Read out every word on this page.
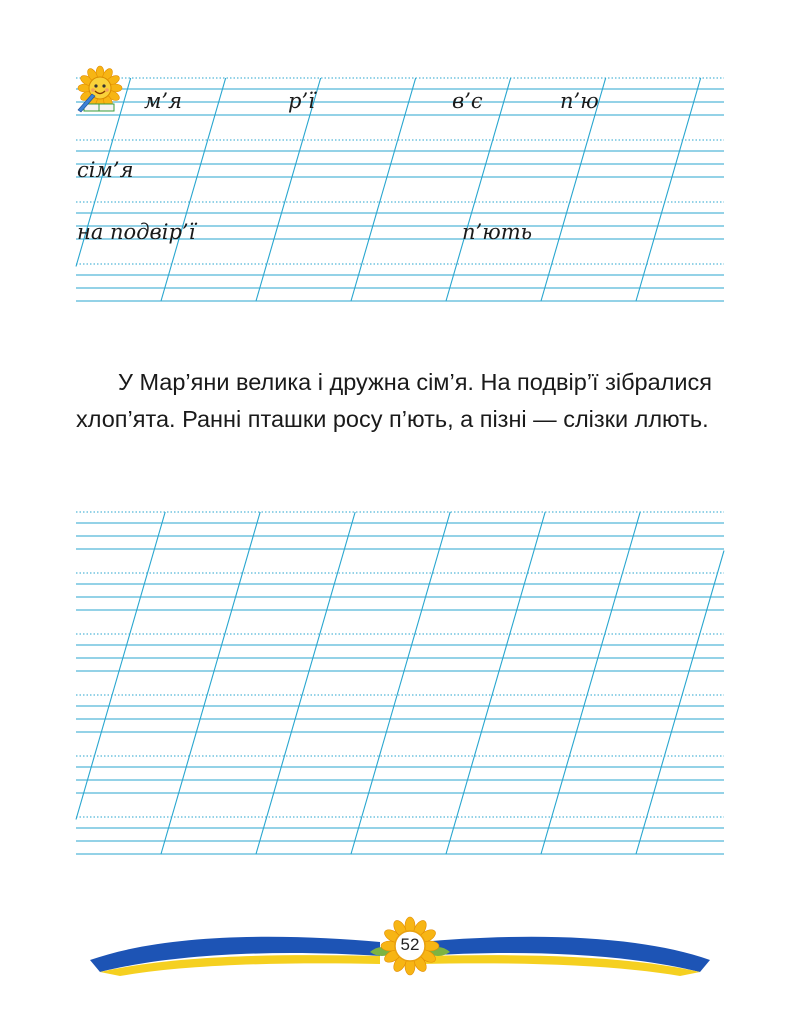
м’я	р’ї	в’є	п’ю
сім’я
на подвір’ї	п’ють

У Мар’яни велика і дружна сім’я. На подвір’ї зібралися хлоп’ята. Ранні пташки росу п’ють, а пізні — слізки ллють.

52
